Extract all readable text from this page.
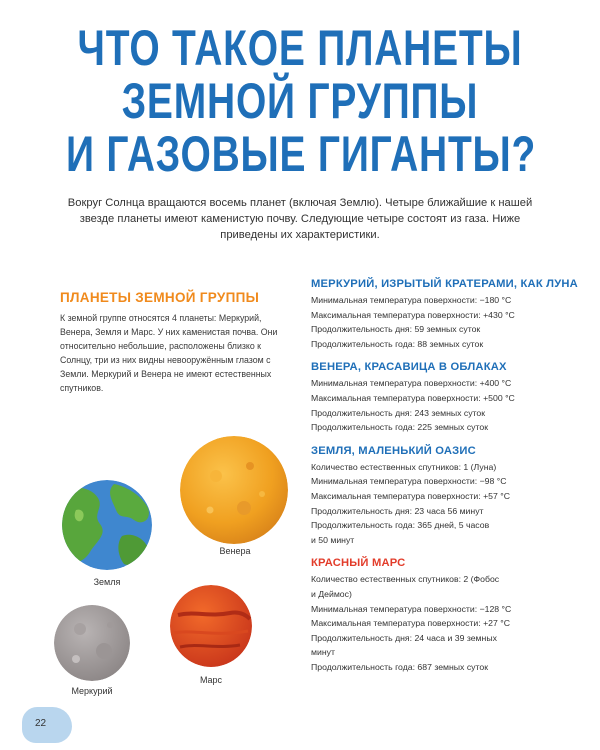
ЧТО ТАКОЕ ПЛАНЕТЫ
ЗЕМНОЙ ГРУППЫ
И ГАЗОВЫЕ ГИГАНТЫ?
Вокруг Солнца вращаются восемь планет (включая Землю). Четыре ближайшие к нашей звезде планеты имеют каменистую почву. Следующие четыре состоят из газа. Ниже приведены их характеристики.
ПЛАНЕТЫ ЗЕМНОЙ ГРУППЫ
К земной группе относятся 4 планеты: Меркурий, Венера, Земля и Марс. У них каменистая почва. Они относительно небольшие, расположены близко к Солнцу, три из них видны невооружённым глазом с Земли. Меркурий и Венера не имеют естественных спутников.
МЕРКУРИЙ, ИЗРЫТЫЙ КРАТЕРАМИ, КАК ЛУНА
Минимальная температура поверхности: −180 °С
Максимальная температура поверхности: +430 °С
Продолжительность дня: 59 земных суток
Продолжительность года: 88 земных суток
ВЕНЕРА, КРАСАВИЦА В ОБЛАКАХ
Минимальная температура поверхности: +400 °С
Максимальная температура поверхности: +500 °С
Продолжительность дня: 243 земных суток
Продолжительность года: 225 земных суток
ЗЕМЛЯ, МАЛЕНЬКИЙ ОАЗИС
Количество естественных спутников: 1 (Луна)
Минимальная температура поверхности: −98 °С
Максимальная температура поверхности: +57 °С
Продолжительность дня: 23 часа 56 минут
Продолжительность года: 365 дней, 5 часов
и 50 минут
КРАСНЫЙ МАРС
Количество естественных спутников: 2 (Фобос
и Деймос)
Минимальная температура поверхности: −128 °С
Максимальная температура поверхности: +27 °С
Продолжительность дня: 24 часа и 39 земных
минут
Продолжительность года: 687 земных суток
Земля
Венера
Меркурий
Марс
22
